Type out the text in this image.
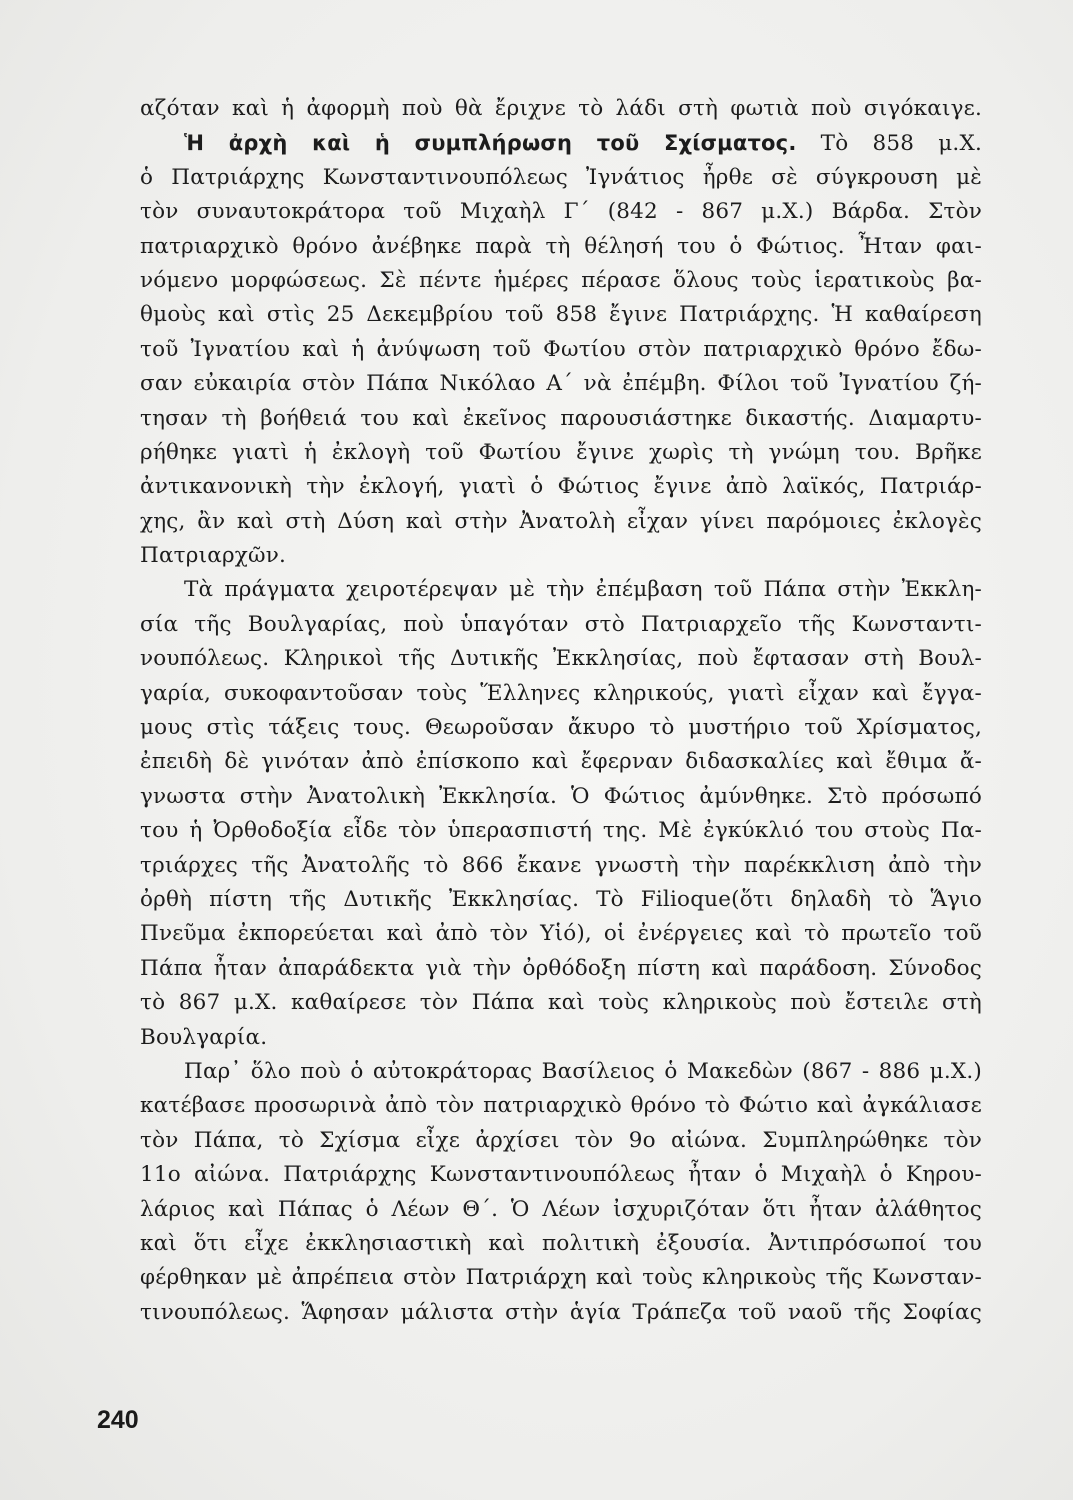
αζόταν καὶ ἡ ἀφορμὴ ποὺ θὰ ἔριχνε τὸ λάδι στὴ φωτιὰ ποὺ σιγόκαιγε.
Ἡ ἀρχὴ καὶ ἡ συμπλήρωση τοῦ Σχίσματος. Τὸ 858 μ.Χ.
ὁ Πατριάρχης Κωνσταντινουπόλεως Ἰγνάτιος ἦρθε σὲ σύγκρουση μὲ
τὸν συναυτοκράτορα τοῦ Μιχαὴλ Γ΄ (842 - 867 μ.Χ.) Βάρδα. Στὸν
πατριαρχικὸ θρόνο ἀνέβηκε παρὰ τὴ θέλησή του ὁ Φώτιος. Ἦταν φαι-
νόμενο μορφώσεως. Σὲ πέντε ἡμέρες πέρασε ὅλους τοὺς ἱερατικοὺς βα-
θμοὺς καὶ στὶς 25 Δεκεμβρίου τοῦ 858 ἔγινε Πατριάρχης. Ἡ καθαίρεση
τοῦ Ἰγνατίου καὶ ἡ ἀνύψωση τοῦ Φωτίου στὸν πατριαρχικὸ θρόνο ἔδω-
σαν εὐκαιρία στὸν Πάπα Νικόλαο Α΄ νὰ ἐπέμβη. Φίλοι τοῦ Ἰγνατίου ζή-
τησαν τὴ βοήθειά του καὶ ἐκεῖνος παρουσιάστηκε δικαστής. Διαμαρτυ-
ρήθηκε γιατὶ ἡ ἐκλογὴ τοῦ Φωτίου ἔγινε χωρὶς τὴ γνώμη του. Βρῆκε
ἀντικανονικὴ τὴν ἐκλογή, γιατὶ ὁ Φώτιος ἔγινε ἀπὸ λαϊκός, Πατριάρ-
χης, ἂν καὶ στὴ Δύση καὶ στὴν Ἀνατολὴ εἶχαν γίνει παρόμοιες ἐκλογὲς
Πατριαρχῶν.
Τὰ πράγματα χειροτέρεψαν μὲ τὴν ἐπέμβαση τοῦ Πάπα στὴν Ἐκκλη-
σία τῆς Βουλγαρίας, ποὺ ὑπαγόταν στὸ Πατριαρχεῖο τῆς Κωνσταντι-
νουπόλεως. Κληρικοὶ τῆς Δυτικῆς Ἐκκλησίας, ποὺ ἔφτασαν στὴ Βουλ-
γαρία, συκοφαντοῦσαν τοὺς Ἕλληνες κληρικούς, γιατὶ εἶχαν καὶ ἔγγα-
μους στὶς τάξεις τους. Θεωροῦσαν ἄκυρο τὸ μυστήριο τοῦ Χρίσματος,
ἐπειδὴ δὲ γινόταν ἀπὸ ἐπίσκοπο καὶ ἔφερναν διδασκαλίες καὶ ἔθιμα ἄ-
γνωστα στὴν Ἀνατολικὴ Ἐκκλησία. Ὁ Φώτιος ἀμύνθηκε. Στὸ πρόσωπό
του ἡ Ὀρθοδοξία εἶδε τὸν ὑπερασπιστή της. Μὲ ἐγκύκλιό του στοὺς Πα-
τριάρχες τῆς Ἀνατολῆς τὸ 866 ἔκανε γνωστὴ τὴν παρέκκλιση ἀπὸ τὴν
ὀρθὴ πίστη τῆς Δυτικῆς Ἐκκλησίας. Τὸ Filioque(ὅτι δηλαδὴ τὸ Ἅγιο
Πνεῦμα ἐκπορεύεται καὶ ἀπὸ τὸν Υἱό), οἱ ἐνέργειες καὶ τὸ πρωτεῖο τοῦ
Πάπα ἦταν ἀπαράδεκτα γιὰ τὴν ὀρθόδοξη πίστη καὶ παράδοση. Σύνοδος
τὸ 867 μ.Χ. καθαίρεσε τὸν Πάπα καὶ τοὺς κληρικοὺς ποὺ ἔστειλε στὴ
Βουλγαρία.
Παρ᾽ ὅλο ποὺ ὁ αὐτοκράτορας Βασίλειος ὁ Μακεδὼν (867 - 886 μ.Χ.)
κατέβασε προσωρινὰ ἀπὸ τὸν πατριαρχικὸ θρόνο τὸ Φώτιο καὶ ἀγκάλιασε
τὸν Πάπα, τὸ Σχίσμα εἶχε ἀρχίσει τὸν 9ο αἰώνα. Συμπληρώθηκε τὸν
11ο αἰώνα. Πατριάρχης Κωνσταντινουπόλεως ἦταν ὁ Μιχαὴλ ὁ Κηρου-
λάριος καὶ Πάπας ὁ Λέων Θ΄. Ὁ Λέων ἰσχυριζόταν ὅτι ἦταν ἀλάθητος
καὶ ὅτι εἶχε ἐκκλησιαστικὴ καὶ πολιτικὴ ἐξουσία. Ἀντιπρόσωποί του
φέρθηκαν μὲ ἀπρέπεια στὸν Πατριάρχη καὶ τοὺς κληρικοὺς τῆς Κωνσταν-
τινουπόλεως. Ἅφησαν μάλιστα στὴν ἁγία Τράπεζα τοῦ ναοῦ τῆς Σοφίας
240
